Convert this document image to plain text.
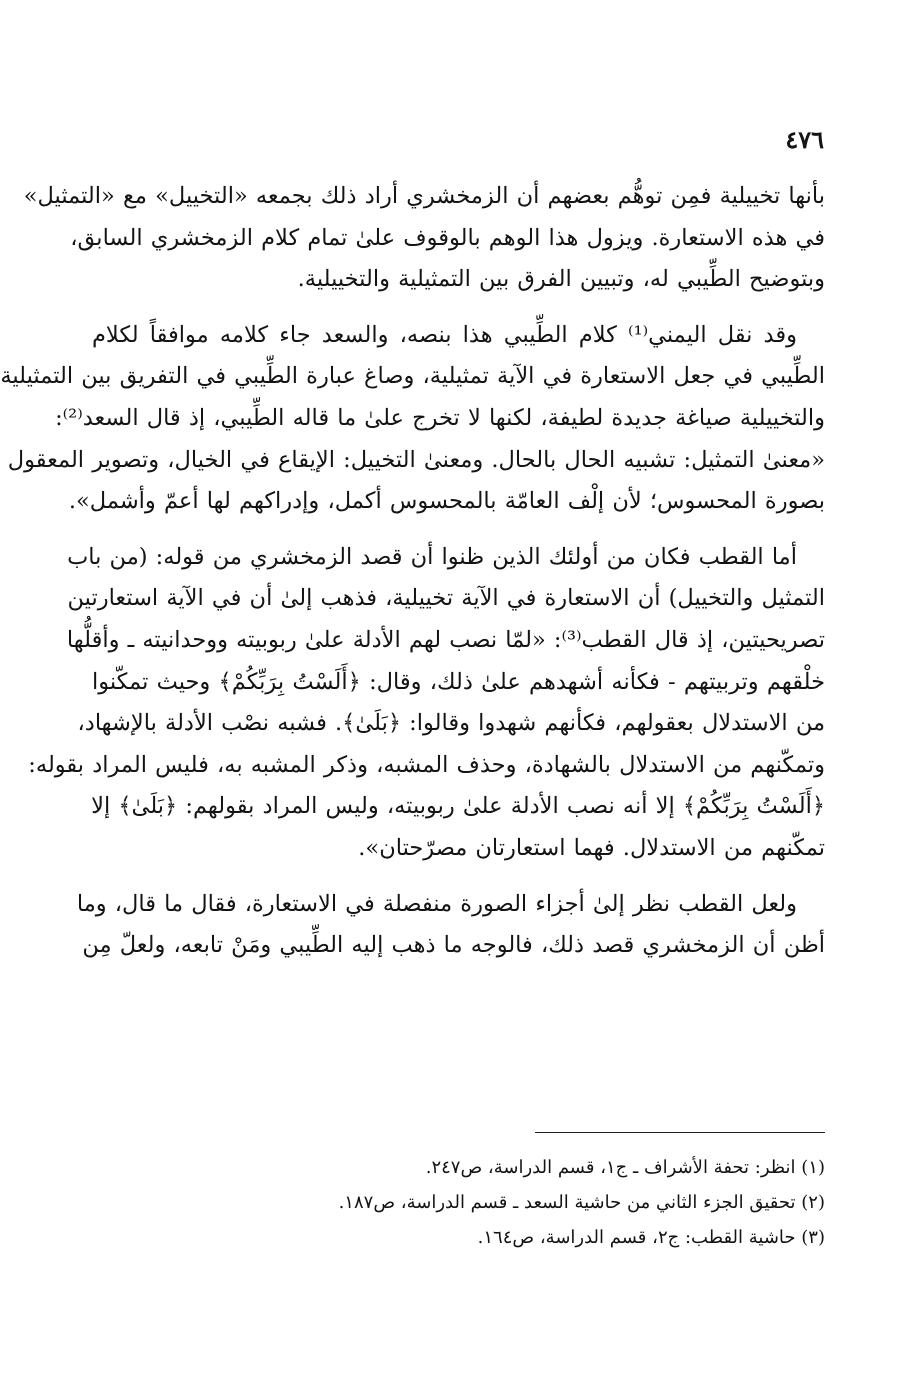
٤٧٦

بأنها تخييلية فمِن توهُّم بعضهم أن الزمخشري أراد ذلك بجمعه «التخييل» مع «التمثيل»
في هذه الاستعارة. ويزول هذا الوهم بالوقوف علىٰ تمام كلام الزمخشري السابق،
وبتوضيح الطِّيبي له، وتبيين الفرق بين التمثيلية والتخييلية.

وقد نقل اليمني⁽¹⁾ كلام الطِّيبي هذا بنصه، والسعد جاء كلامه موافقاً لكلام
الطِّيبي في جعل الاستعارة في الآية تمثيلية، وصاغ عبارة الطِّيبي في التفريق بين التمثيلية
والتخييلية صياغة جديدة لطيفة، لكنها لا تخرج علىٰ ما قاله الطِّيبي، إذ قال السعد⁽²⁾:
«معنىٰ التمثيل: تشبيه الحال بالحال. ومعنىٰ التخييل: الإيقاع في الخيال، وتصوير المعقول
بصورة المحسوس؛ لأن إلْف العامّة بالمحسوس أكمل، وإدراكهم لها أعمّ وأشمل».

أما القطب فكان من أولئك الذين ظنوا أن قصد الزمخشري من قوله: (من باب
التمثيل والتخييل) أن الاستعارة في الآية تخييلية، فذهب إلىٰ أن في الآية استعارتين
تصريحيتين، إذ قال القطب⁽³⁾: «لمّا نصب لهم الأدلة علىٰ ربوبيته ووحدانيته ـ وأقلُّها
خلْقهم وتربيتهم - فكأنه أشهدهم علىٰ ذلك، وقال: ﴿أَلَسْتُ بِرَبِّكُمْ﴾ وحيث تمكّنوا
من الاستدلال بعقولهم، فكأنهم شهدوا وقالوا: ﴿بَلَىٰ﴾. فشبه نصْب الأدلة بالإشهاد،
وتمكّنهم من الاستدلال بالشهادة، وحذف المشبه، وذكر المشبه به، فليس المراد بقوله:
﴿أَلَسْتُ بِرَبِّكُمْ﴾ إلا أنه نصب الأدلة علىٰ ربوبيته، وليس المراد بقولهم: ﴿بَلَىٰ﴾ إلا
تمكّنهم من الاستدلال. فهما استعارتان مصرّحتان».

ولعل القطب نظر إلىٰ أجزاء الصورة منفصلة في الاستعارة، فقال ما قال، وما
أظن أن الزمخشري قصد ذلك، فالوجه ما ذهب إليه الطِّيبي ومَنْ تابعه، ولعلّ مِن

(١) انظر: تحفة الأشراف ـ ج١، قسم الدراسة، ص٢٤٧.
(٢) تحقيق الجزء الثاني من حاشية السعد ـ قسم الدراسة، ص١٨٧.
(٣) حاشية القطب: ج٢، قسم الدراسة، ص١٦٤.
